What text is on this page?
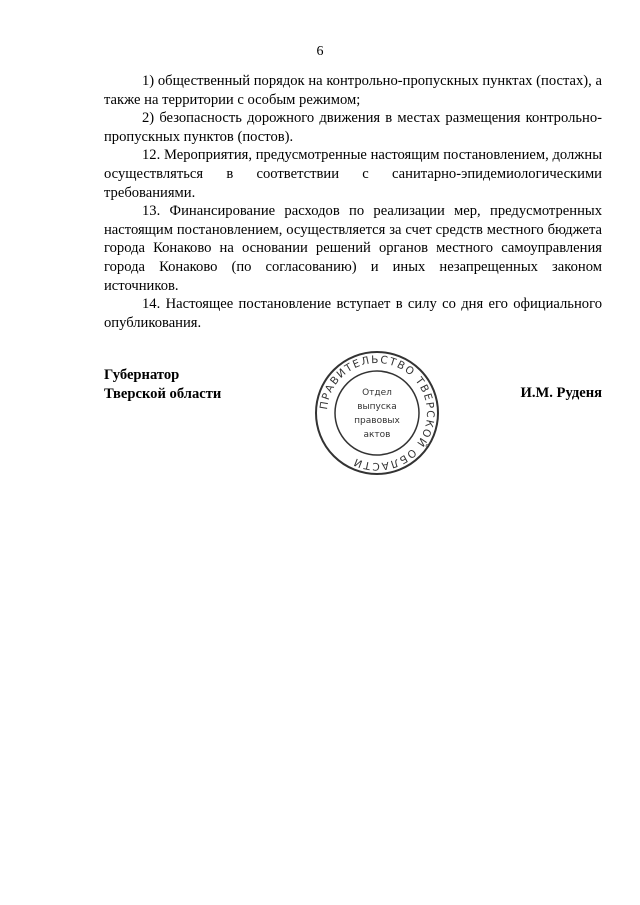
6

1) общественный порядок на контрольно-пропускных пунктах (постах), а также на территории с особым режимом;

2) безопасность дорожного движения в местах размещения контрольно-пропускных пунктов (постов).

12. Мероприятия, предусмотренные настоящим постановлением, должны осуществляться в соответствии с санитарно-эпидемиологическими требованиями.

13. Финансирование расходов по реализации мер, предусмотренных настоящим постановлением, осуществляется за счет средств местного бюджета города Конаково на основании решений органов местного самоуправления города Конаково (по согласованию) и иных незапрещенных законом источников.

14. Настоящее постановление вступает в силу со дня его официального опубликования.

Губернатор
Тверской области
ПРАВИТЕЛЬСТВО ТВЕРСКОЙ ОБЛАСТИ
Отдел
выпуска
правовых
актов
И.М. Руденя
